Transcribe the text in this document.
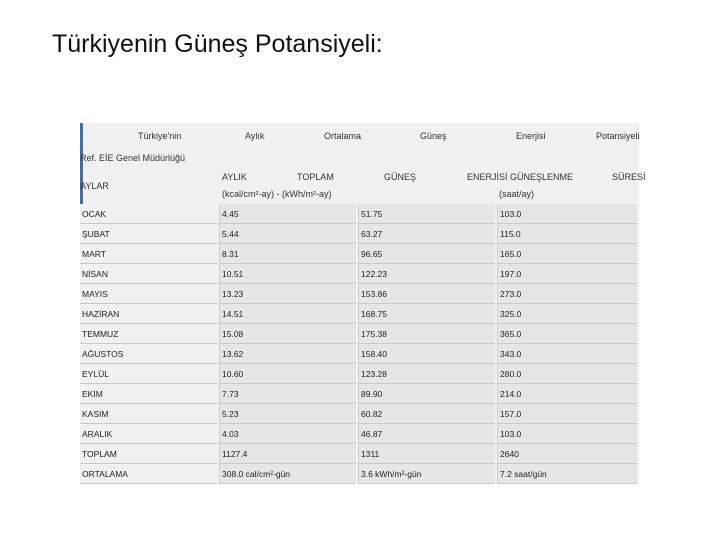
Türkiyenin Güneş Potansiyeli:
Türkiye'nin	Aylık	Ortalama	Güneş	Enerjisi	Potansiyeli
Ref. EİE Genel Müdürlüğü
AYLAR
AYLIK	TOPLAM	GÜNEŞ	ENERJİSİ GÜNEŞLENME	SÜRESİ
(kcal/cm²-ay) - (kWh/m²-ay)	(saat/ay)
OCAK	4.45	51.75	103.0
ŞUBAT	5.44	63.27	115.0
MART	8.31	96.65	165.0
NİSAN	10.51	122.23	197.0
MAYIS	13.23	153.86	273.0
HAZİRAN	14.51	168.75	325.0
TEMMUZ	15.08	175.38	365.0
AĞUSTOS	13.62	158.40	343.0
EYLÜL	10.60	123.28	280.0
EKİM	7.73	89.90	214.0
KASIM	5.23	60.82	157.0
ARALIK	4.03	46.87	103.0
TOPLAM	1127.4	1311	2640
ORTALAMA	308.0 cal/cm²-gün	3.6 kWh/m²-gün	7.2 saat/gün
